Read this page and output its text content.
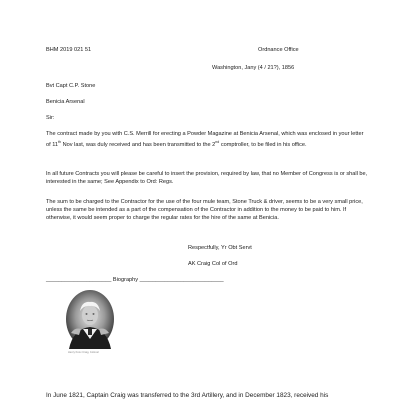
BHM 2019 021 51	Ordnance Office
Washington, Jany (4 / 21?), 1856
Bvt Capt C.P. Stone
Benicia Arsenal
Sir:
The contract made by you with C.S. Merrill for erecting a Powder Magazine at Benicia Arsenal, which was enclosed in your letter of 11th Nov last, was duly received and has been transmitted to the 2nd comptroller, to be filed in his office.
In all future Contracts you will please be careful to insert the provision, required by law, that no Member of Congress is or shall be, interested in the same; See Appendix to Ord: Regs.
The sum to be charged to the Contractor for the use of the four mule team, Stone Truck & driver, seems to be a very small price, unless the same be intended as a part of the compensation of the Contractor in addition to the money to be paid to him. If otherwise, it would seem proper to charge the regular rates for the hire of the same at Benicia.
Respectfully, Yr Obt Servt
AK Craig Col of Ord
_____________________ Biography ___________________________
Henry Knox Craig, Colonel
In June 1821, Captain Craig was transferred to the 3rd Artillery, and in December 1823, received his
